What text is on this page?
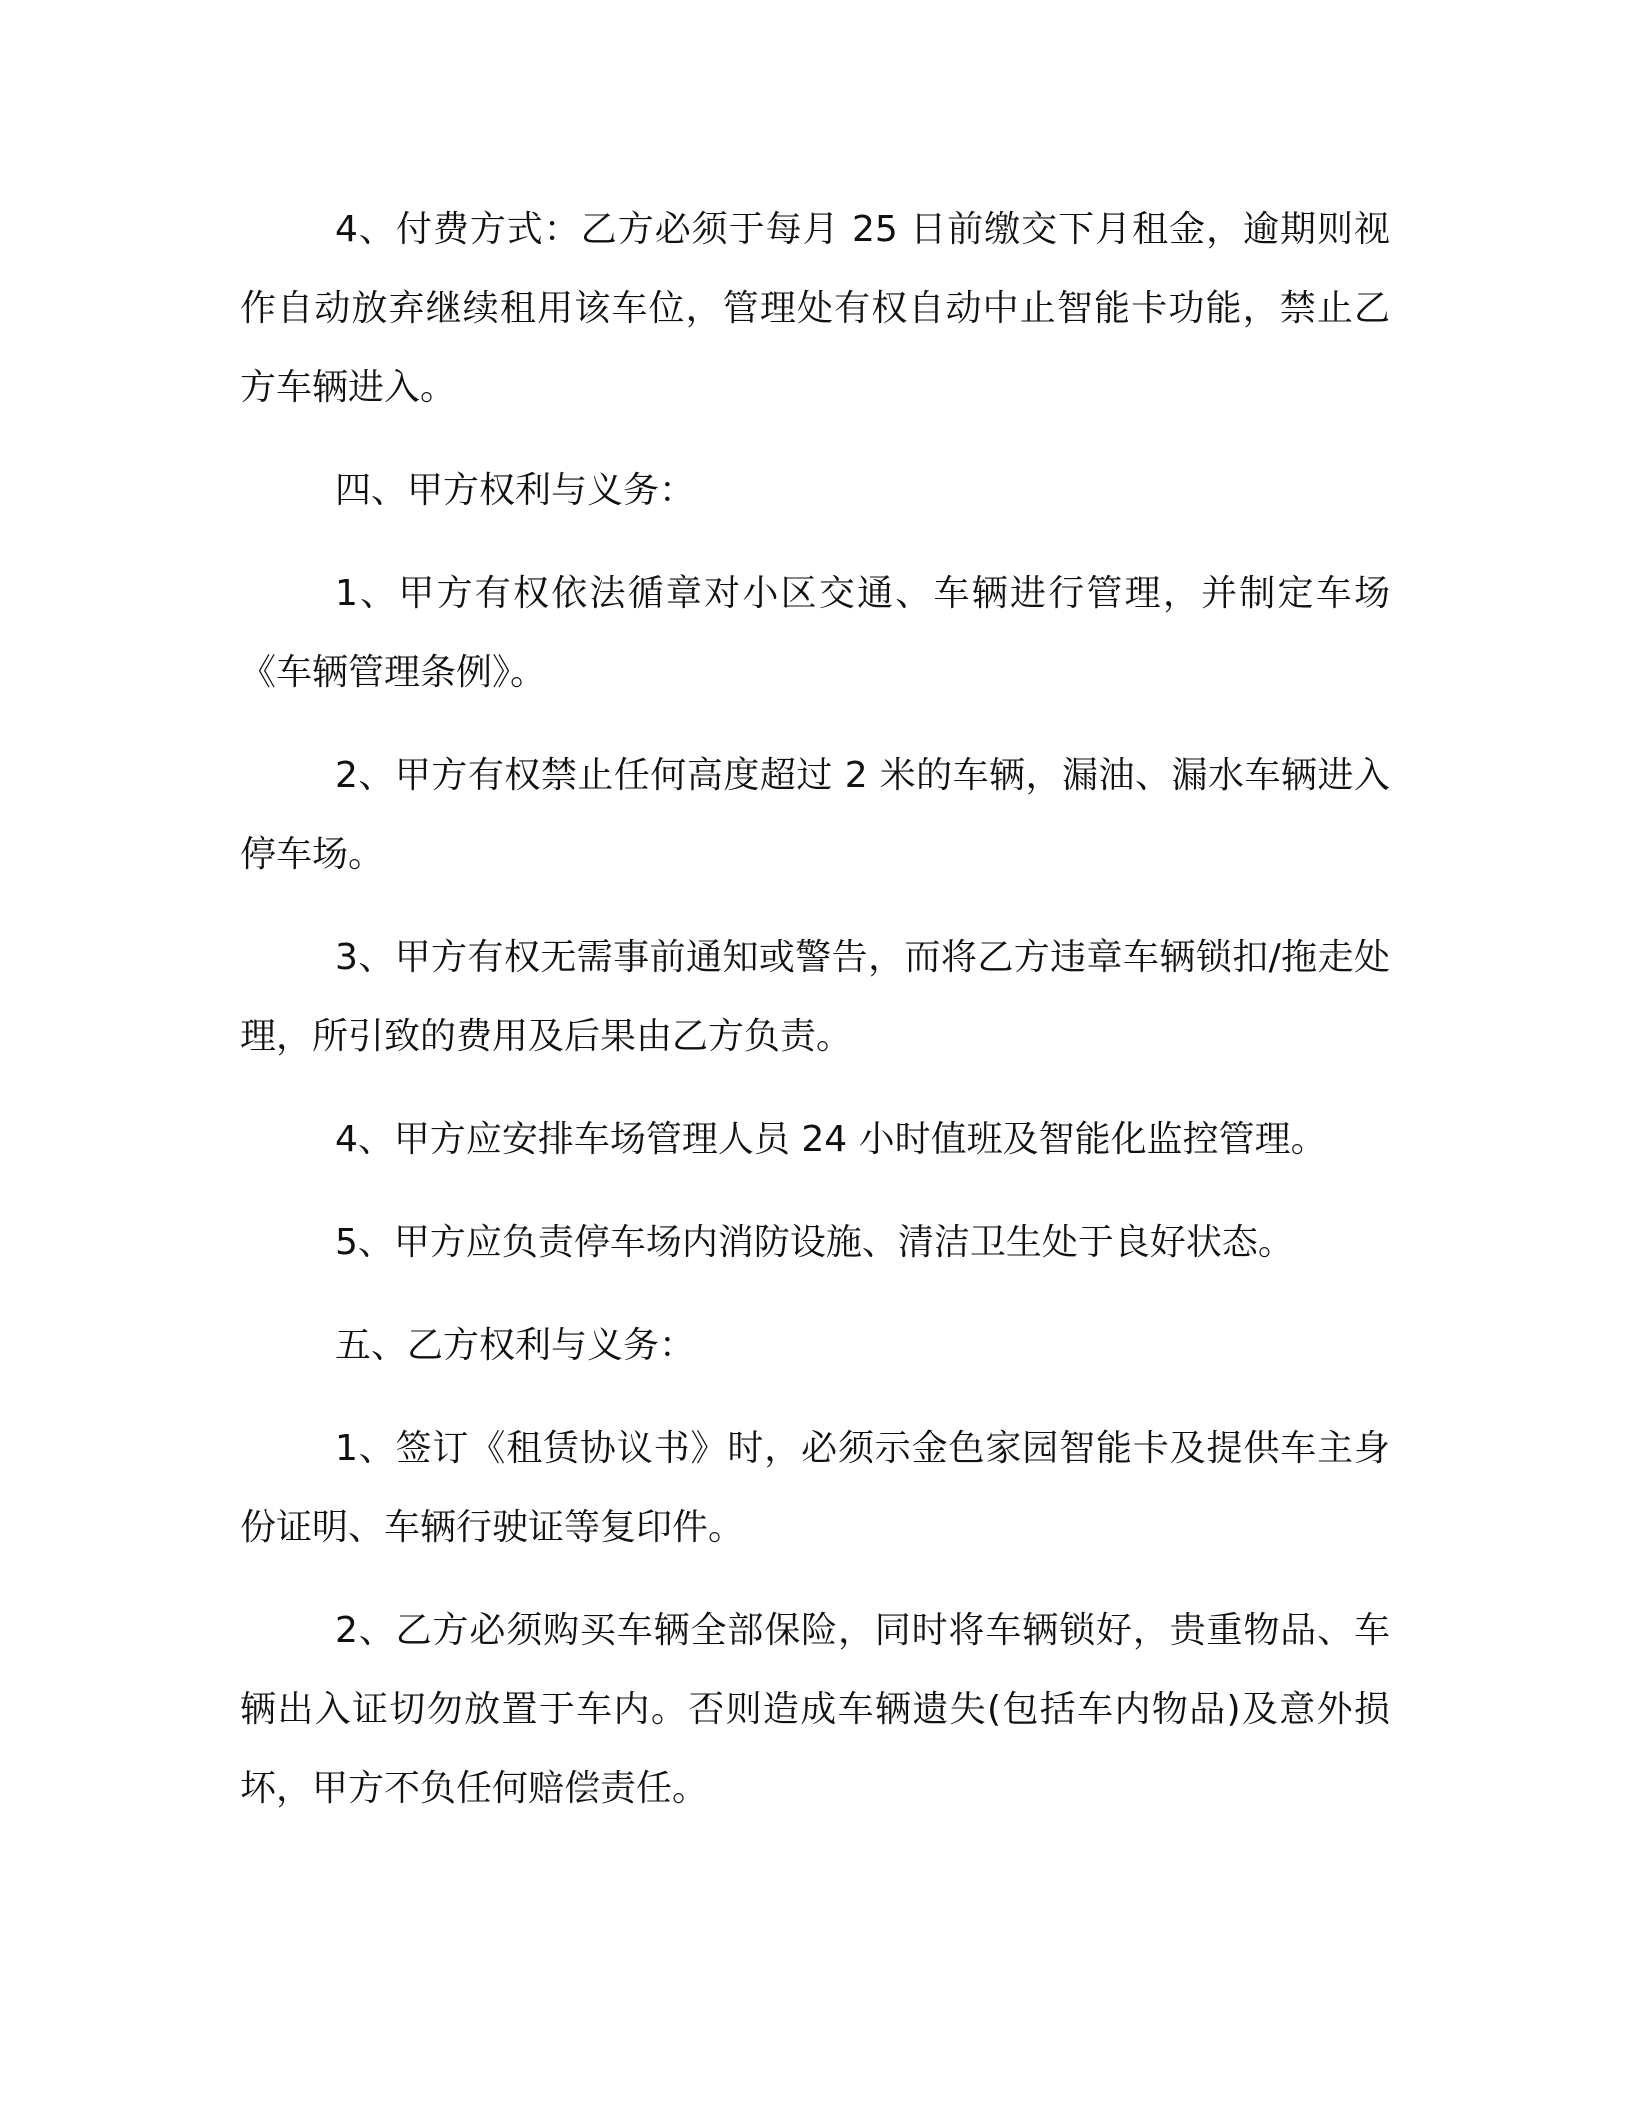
4、付费方式：乙方必须于每月 25 日前缴交下月租金，逾期则视作自动放弃继续租用该车位，管理处有权自动中止智能卡功能，禁止乙方车辆进入。

四、甲方权利与义务：

1、甲方有权依法循章对小区交通、车辆进行管理，并制定车场《车辆管理条例》。

2、甲方有权禁止任何高度超过 2 米的车辆，漏油、漏水车辆进入停车场。

3、甲方有权无需事前通知或警告，而将乙方违章车辆锁扣/拖走处理，所引致的费用及后果由乙方负责。

4、甲方应安排车场管理人员 24 小时值班及智能化监控管理。

5、甲方应负责停车场内消防设施、清洁卫生处于良好状态。

五、乙方权利与义务：

1、签订《租赁协议书》时，必须示金色家园智能卡及提供车主身份证明、车辆行驶证等复印件。

2、乙方必须购买车辆全部保险，同时将车辆锁好，贵重物品、车辆出入证切勿放置于车内。否则造成车辆遗失(包括车内物品)及意外损坏，甲方不负任何赔偿责任。
